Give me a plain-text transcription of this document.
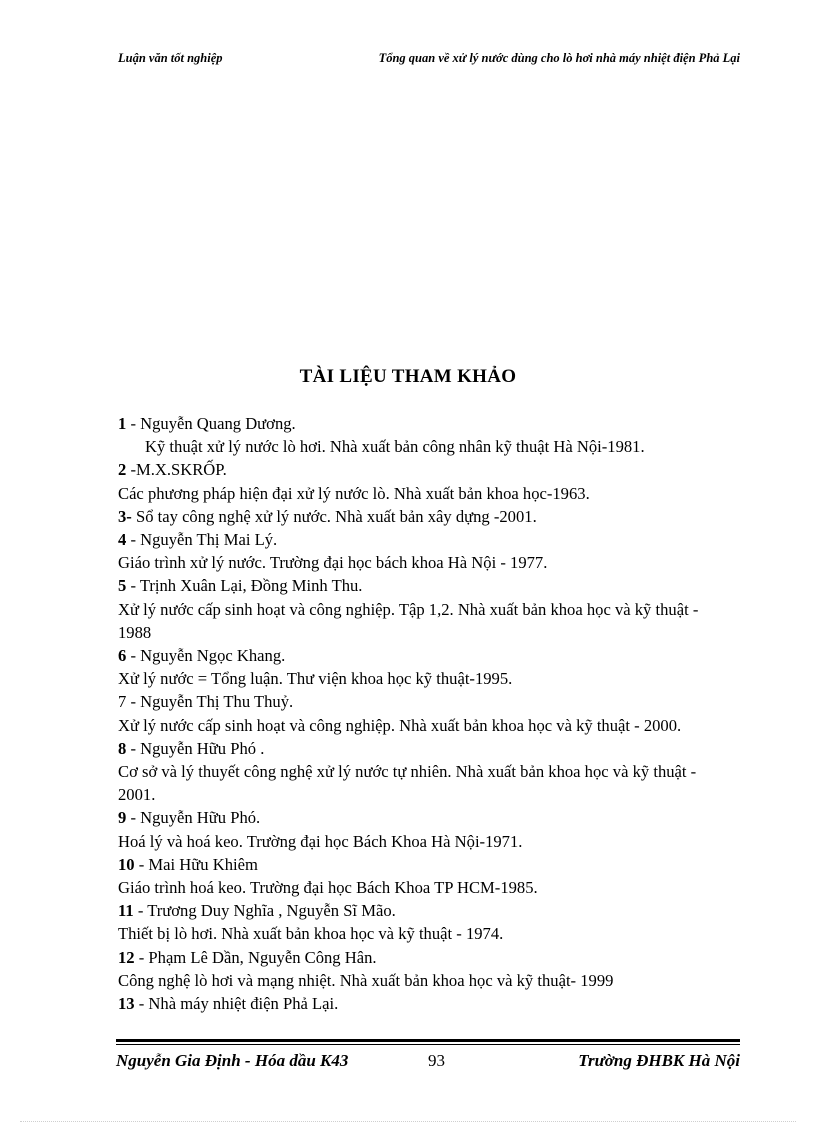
Luận văn tốt nghiệp	Tổng quan về xử lý nước dùng cho lò hơi nhà máy nhiệt điện Phả Lại
TÀI LIỆU THAM KHẢO
1 - Nguyễn Quang Dương.
Kỹ thuật xử lý nước lò hơi. Nhà xuất bản công nhân kỹ thuật Hà Nội-1981.
2 -M.X.SKRỐP.
Các phương pháp hiện đại xử lý nước lò. Nhà xuất bản khoa học-1963.
3- Sổ tay công nghệ xử lý nước. Nhà xuất bản xây dựng -2001.
4 - Nguyễn Thị Mai Lý.
Giáo trình xử lý nước. Trường đại học bách khoa Hà Nội - 1977.
5 - Trịnh Xuân Lại, Đồng Minh Thu.
Xử lý nước cấp sinh hoạt và công nghiệp. Tập 1,2. Nhà xuất bản khoa học và kỹ thuật - 1988
6 - Nguyễn Ngọc Khang.
Xử lý nước = Tổng luận. Thư viện khoa học kỹ thuật-1995.
7 - Nguyễn Thị Thu Thuỷ.
Xử lý nước cấp sinh hoạt và công nghiệp. Nhà xuất bản khoa học và kỹ thuật - 2000.
8 - Nguyễn Hữu Phó .
Cơ sở và lý thuyết công nghệ xử lý nước tự nhiên. Nhà xuất bản khoa học và kỹ thuật - 2001.
9 - Nguyễn Hữu Phó.
Hoá lý và hoá keo. Trường đại học Bách Khoa Hà Nội-1971.
10 - Mai Hữu Khiêm
Giáo trình hoá keo. Trường đại học Bách Khoa TP HCM-1985.
11 - Trương Duy Nghĩa , Nguyễn Sĩ Mão.
Thiết bị lò hơi. Nhà xuất bản khoa học và kỹ thuật - 1974.
12 - Phạm Lê Dần, Nguyễn Công Hân.
Công nghệ lò hơi và mạng nhiệt. Nhà xuất bản khoa học và kỹ thuật- 1999
13 - Nhà máy nhiệt điện Phả Lại.
Nguyễn Gia Định - Hóa dầu K43	93	Trường ĐHBK Hà Nội
